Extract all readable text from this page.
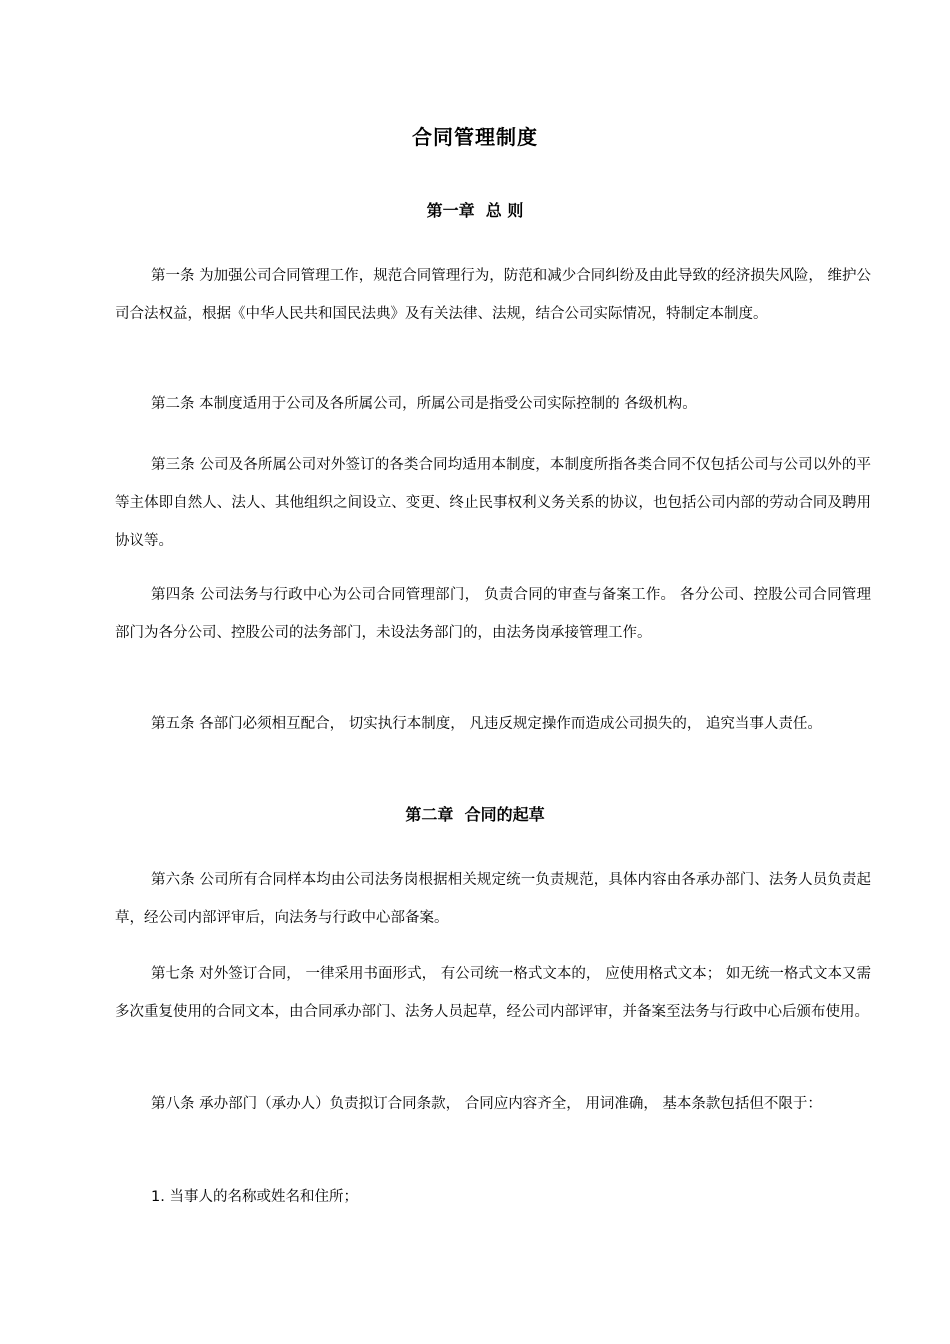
合同管理制度
第一章  总 则

第一条 为加强公司合同管理工作，规范合同管理行为，防范和减少合同纠纷及由此导致的经济损失风险， 维护公司合法权益，根据《中华人民共和国民法典》及有关法律、法规，结合公司实际情况，特制定本制度。

第二条 本制度适用于公司及各所属公司，所属公司是指受公司实际控制的 各级机构。

第三条 公司及各所属公司对外签订的各类合同均适用本制度，本制度所指各类合同不仅包括公司与公司以外的平等主体即自然人、法人、其他组织之间设立、变更、终止民事权利义务关系的协议，也包括公司内部的劳动合同及聘用协议等。

第四条 公司法务与行政中心为公司合同管理部门， 负责合同的审查与备案工作。 各分公司、控股公司合同管理部门为各分公司、控股公司的法务部门，未设法务部门的，由法务岗承接管理工作。

第五条 各部门必须相互配合， 切实执行本制度， 凡违反规定操作而造成公司损失的， 追究当事人责任。

第二章  合同的起草

第六条 公司所有合同样本均由公司法务岗根据相关规定统一负责规范，具体内容由各承办部门、法务人员负责起草，经公司内部评审后，向法务与行政中心部备案。

第七条 对外签订合同， 一律采用书面形式， 有公司统一格式文本的， 应使用格式文本； 如无统一格式文本又需多次重复使用的合同文本，由合同承办部门、法务人员起草，经公司内部评审，并备案至法务与行政中心后颁布使用。

第八条 承办部门（承办人）负责拟订合同条款， 合同应内容齐全， 用词准确， 基本条款包括但不限于：

1. 当事人的名称或姓名和住所；
